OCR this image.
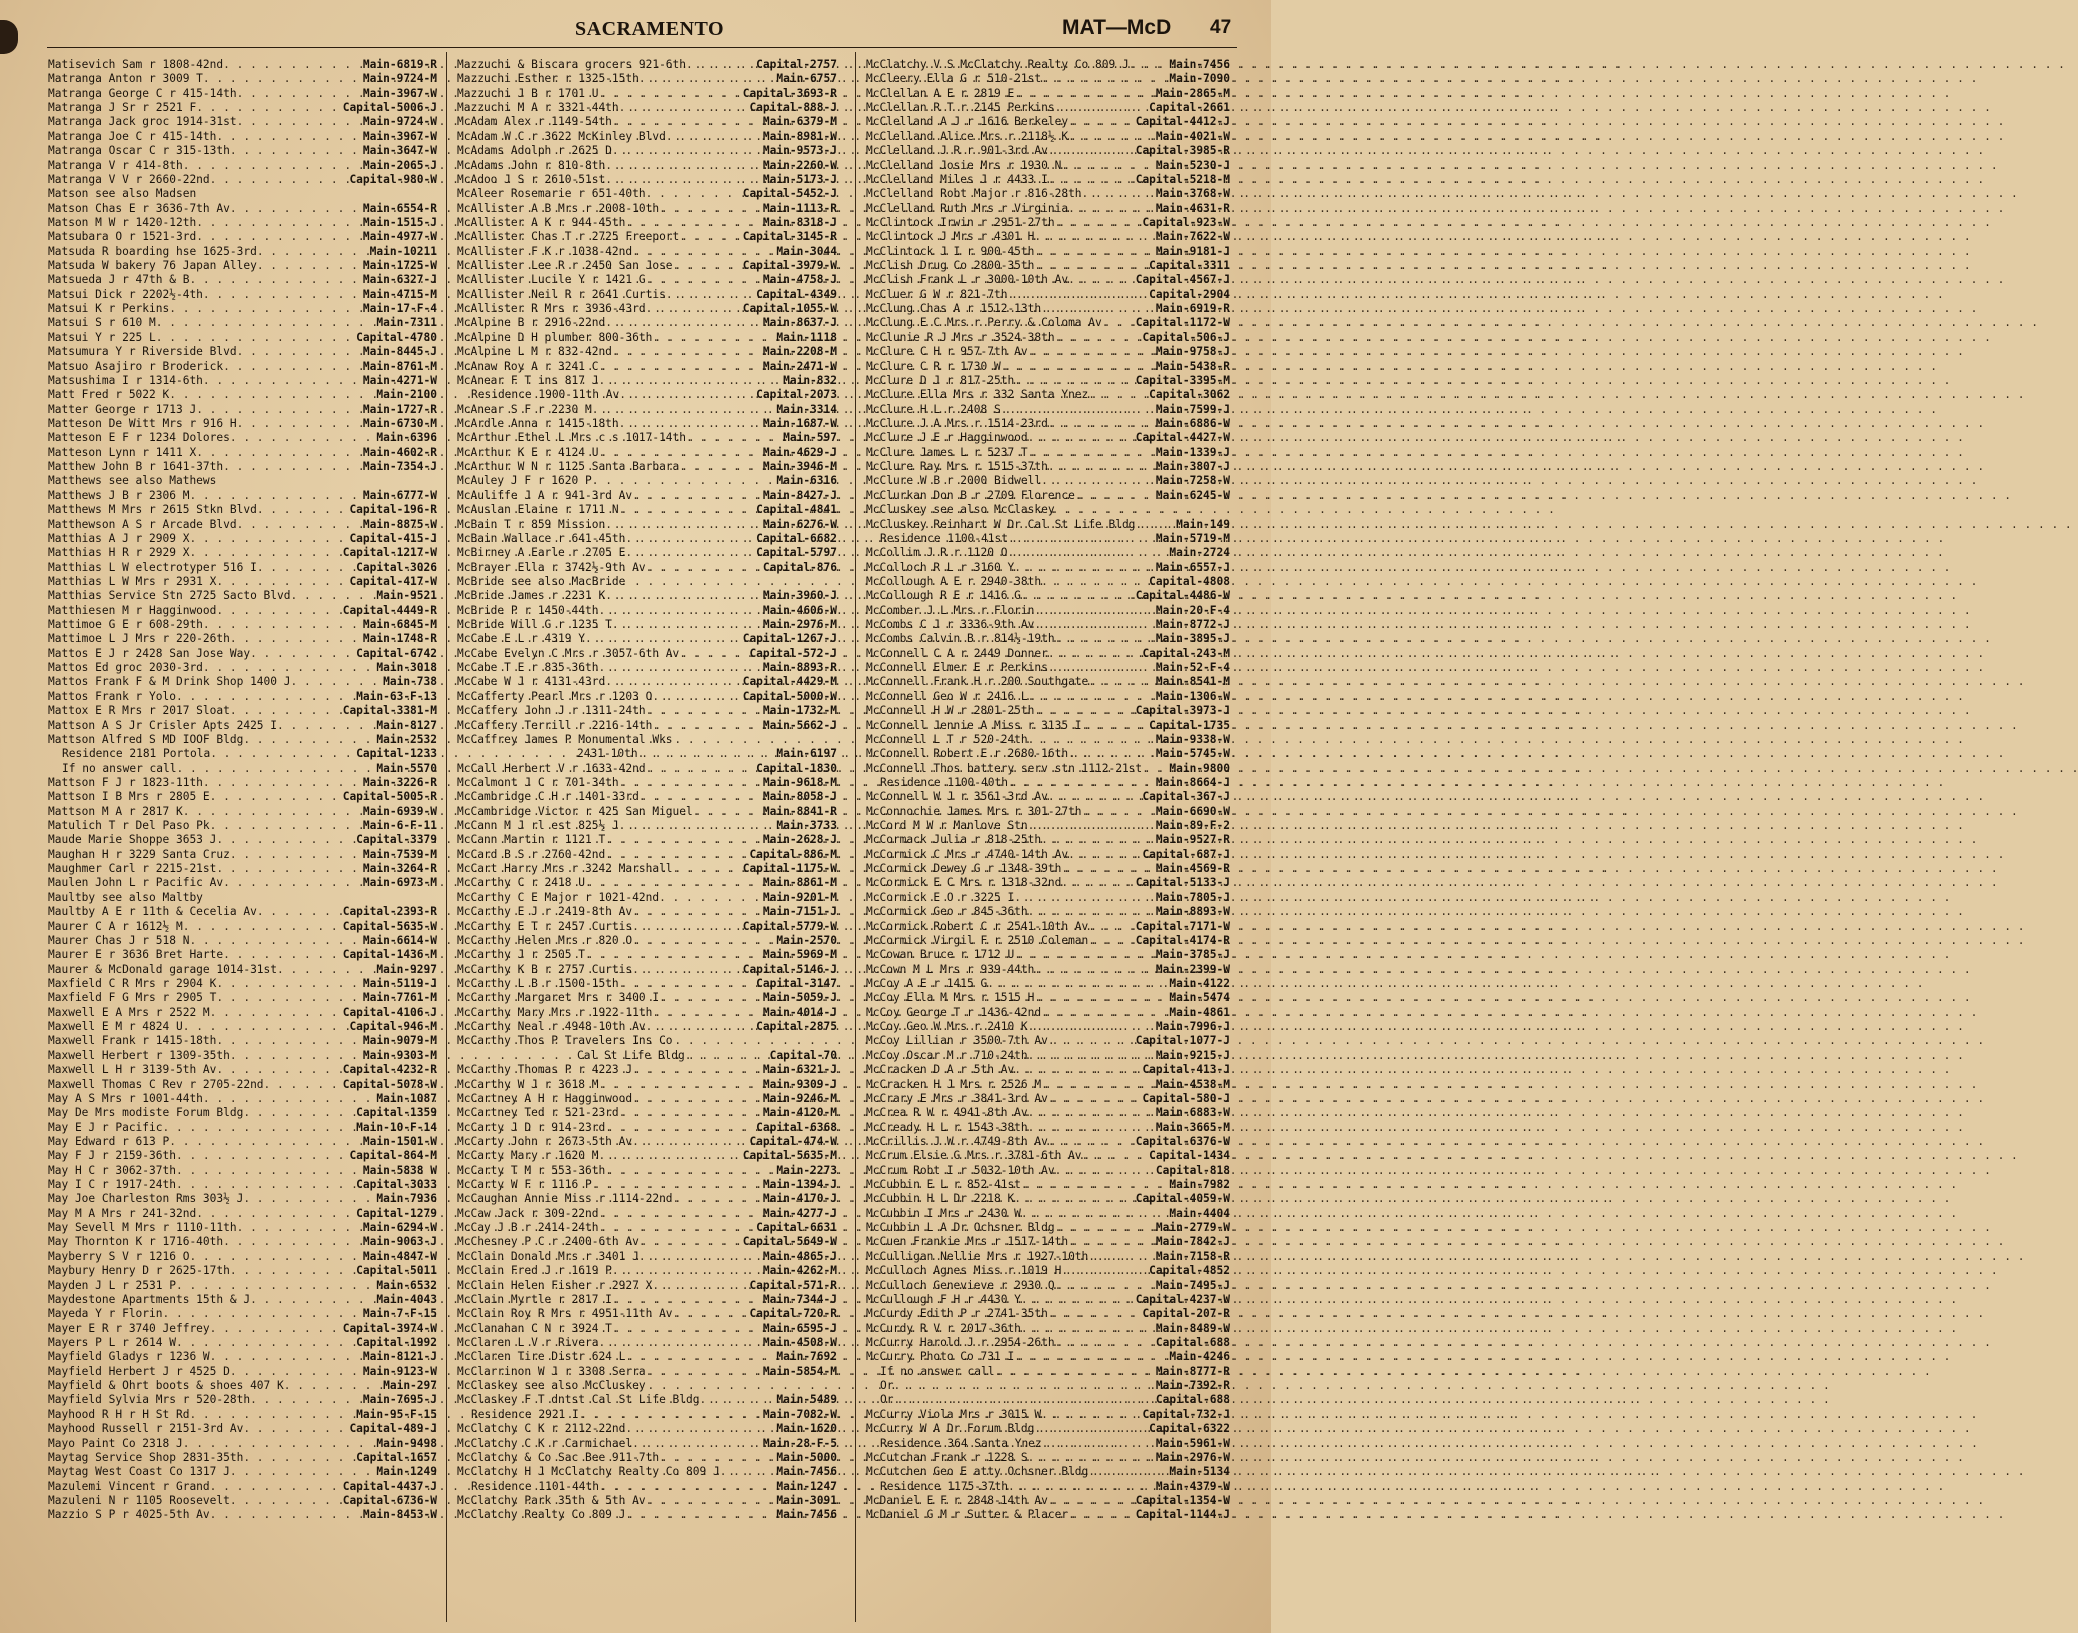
SACRAMENTO	MAT—McD 47
Matisevich Sam r 1808-42nd . . .	Main-6819-R
Matranga Anton r 3009 T . . .	Main-9724-M
Matranga George C r 415-14th . . .	Main-3967-W
Matranga J Sr r 2521 F . . .	Capital-5006-J
Matranga Jack groc 1914-31st . . .	Main-9724-W
Matranga Joe C r 415-14th . . .	Main-3967-W
Matranga Oscar C r 315-13th . . .	Main-3647-W
Matranga V r 414-8th . . .	Main-2065-J
Matranga V V r 2660-22nd . . .	Capital-980-W
Matson see also Madsen
Matson Chas E r 3636-7th Av . . .	Main-6554-R
Matson M W r 1420-12th . . .	Main-1515-J
Matsubara O r 1521-3rd . . .	Main-4977-W
Matsuda R boarding hse 1625-3rd . . .	Main-10211
Matsuda W bakery 76 Japan Alley . . .	Main-1725-W
Matsueda J r 47th & B . . .	Main-6327-J
Matsui Dick r 2202½-4th . . .	Main-4715-M
Matsui K r Perkins . . .	Main-17-F-4
Matsui S r 610 M . . .	Main-7311
Matsui Y r 225 L . . .	Capital-4780
Matsumura Y r Riverside Blvd . . .	Main-8445-J
Matsuo Asajiro r Broderick . . .	Main-8761-M
Matsushima I r 1314-6th . . .	Main-4271-W
Matt Fred r 5022 K . . .	Main-2100
Matter George r 1713 J . . .	Main-1727-R
Matteson De Witt Mrs r 916 H . . .	Main-6730-M
Matteson E F r 1234 Dolores . . .	Main-6396
Matteson Lynn r 1411 X . . .	Main-4602-R
Matthew John B r 1641-37th . . .	Main-7354-J
Matthews see also Mathews
Matthews J B r 2306 M . . .	Main-6777-W
Matthews M Mrs r 2615 Stkn Blvd . . .	Capital-196-R
Matthewson A S r Arcade Blvd . . .	Main-8875-W
Matthias A J r 2909 X . . .	Capital-415-J
Matthias H R r 2929 X . . .	Capital-1217-W
Matthias L W electrotyper 516 I . . .	Capital-3026
Matthias L W Mrs r 2931 X . . .	Capital-417-W
Matthias Service Stn 2725 Sacto Blvd . . .	Main-9521
Matthiesen M r Hagginwood . . .	Capital-4449-R
Mattimoe G E r 608-29th . . .	Main-6845-M
Mattimoe L J Mrs r 220-26th . . .	Main-1748-R
Mattos E J r 2428 San Jose Way . . .	Capital-6742
Mattos Ed groc 2030-3rd . . .	Main-3018
Mattos Frank F & M Drink Shop 1400 J . . .	Main-738
Mattos Frank r Yolo . . .	Main-63-F-13
Mattox E R Mrs r 2017 Sloat . . .	Capital-3381-M
Mattson A S Jr Crisler Apts 2425 I . . .	Main-8127
Mattson Alfred S MD IOOF Bldg . . .	Main-2532
Residence 2181 Portola . . .	Capital-1233
If no answer call . . .	Main-5570
Mattson F J r 1823-11th . . .	Main-3226-R
Mattson I B Mrs r 2805 E . . .	Capital-5005-R
Mattson M A r 2817 K . . .	Main-6939-W
Matulich T r Del Paso Pk . . .	Main-6-F-11
Maude Marie Shoppe 3653 J . . .	Capital-3379
Maughan H r 3229 Santa Cruz . . .	Main-7539-M
Maughmer Carl r 2215-21st . . .	Main-3264-R
Maulen John L r Pacific Av . . .	Main-6973-M
Maultby see also Maltby
Maultby A E r 11th & Cecelia Av . . .	Capital-2393-R
Maurer C A r 1612½ M . . .	Capital-5635-W
Maurer Chas J r 518 N . . .	Main-6614-W
Maurer E r 3636 Bret Harte . . .	Capital-1436-M
Maurer & McDonald garage 1014-31st . . .	Main-9297
Maxfield C R Mrs r 2904 K . . .	Main-5119-J
Maxfield F G Mrs r 2905 T . . .	Main-7761-M
Maxwell E A Mrs r 2522 M . . .	Capital-4106-J
Maxwell E M r 4824 U . . .	Capital-946-M
Maxwell Frank r 1415-18th . . .	Main-9079-M
Maxwell Herbert r 1309-35th . . .	Main-9303-M
Maxwell L H r 3139-5th Av . . .	Capital-4232-R
Maxwell Thomas C Rev r 2705-22nd . . .	Capital-5078-W
May A S Mrs r 1001-44th . . .	Main-1087
May De Mrs modiste Forum Bldg . . .	Capital-1359
May E J r Pacific . . .	Main-10-F-14
May Edward r 613 P . . .	Main-1501-W
May F J r 2159-36th . . .	Capital-864-M
May H C r 3062-37th . . .	Main-5838 W
May I C r 1917-24th . . .	Capital-3033
May Joe Charleston Rms 303½ J . . .	Main-7936
May M A Mrs r 241-32nd . . .	Capital-1279
May Sevell M Mrs r 1110-11th . . .	Main-6294-W
May Thornton K r 1716-40th . . .	Main-9063-J
Mayberry S V r 1216 O . . .	Main-4847-W
Maybury Henry D r 2625-17th . . .	Capital-5011
Mayden J L r 2531 P . . .	Main-6532
Maydestone Apartments 15th & J . . .	Main-4043
Mayeda Y r Florin . . .	Main-7-F-15
Mayer E R r 3740 Jeffrey . . .	Capital-3974-W
Mayers P L r 2614 W . . .	Capital-1992
Mayfield Gladys r 1236 W . . .	Main-8121-J
Mayfield Herbert J r 4525 D . . .	Main-9123-W
Mayfield & Ohrt boots & shoes 407 K . . .	Main-297
Mayfield Sylvia Mrs r 520-28th . . .	Main-7695-J
Mayhood R H r H St Rd . . .	Main-95-F-15
Mayhood Russell r 2151-3rd Av . . .	Capital-489-J
Mayo Paint Co 2318 J . . .	Main-9498
Maytag Service Shop 2831-35th . . .	Capital-1657
Maytag West Coast Co 1317 J . . .	Main-1249
Mazulemi Vincent r Grand . . .	Capital-4437-J
Mazuleni N r 1105 Roosevelt . . .	Capital-6736-W
Mazzio S P r 4025-5th Av . . .	Main-8453-W
Mazzuchi & Biscara grocers 921-6th . . .	Capital-2757
Mazzuchi Esther r 1325-15th . . .	Main-6757
Mazzuchi J B r 1701 U . . .	Capital-3693-R
Mazzuchi M A r 3321-44th . . .	Capital-888-J
McAdam Alex r 1149-54th . . .	Main-6379-M
McAdam W C r 3622 McKinley Blvd . . .	Main-8981-W
McAdams Adolph r 2625 D . . .	Main-9573-J
McAdams John r 810-8th . . .	Main-2260-W
McAdoo J S r 2610-51st . . .	Main-5173-J
McAleer Rosemarie r 651-40th . . .	Capital-5452-J
McAllister A B Mrs r 2008-10th . . .	Main-1113-R
McAllister A K r 944-45th . . .	Main-8318-J
McAllister Chas T r 2725 Freeport . . .	Capital-3145-R
McAllister F K r 1038-42nd . . .	Main-3044
McAllister Lee R r 2450 San Jose . . .	Capital-3979-W
McAllister Lucile Y r 1421 G . . .	Main-4758-J
McAllister Neil R r 2641 Curtis . . .	Capital-4349
McAllister R Mrs r 3936-43rd . . .	Capital-1055-W
McAlpine B r 2916-22nd . . .	Main-8637-J
McAlpine D H plumber 800-36th . . .	Main-1118
McAlpine L M r 832-42nd . . .	Main-2208-M
McAnaw Roy A r 3241 C . . .	Main-2471-W
McAnear F T ins 817 J . . .	Main-832
Residence 1900-11th Av . . .	Capital-2073
McAnear S F r 2230 M . . .	Main-3314
McArdle Anna r 1415-18th . . .	Main-1687-W
McArthur Ethel L Mrs c s 1017-14th . . .	Main-597
McArthur K E r 4124 U . . .	Main-4629-J
McArthur W N r 1125 Santa Barbara . . .	Main-3946-M
McAuley J F r 1620 P . . .	Main-6316
McAuliffe J A r 941-3rd Av . . .	Main-8427-J
McAuslan Elaine r 1711 N . . .	Capital-4841
McBain T r 859 Mission . . .	Main-6276-W
McBain Wallace r 641-45th . . .	Capital-6682
McBirney A Earle r 2705 E . . .	Capital-5797
McBrayer Ella r 3742½-9th Av . . .	Capital-876
McBride see also MacBride
McBride James r 2231 K . . .	Main-3960-J
McBride P r 1450-44th . . .	Main-4606-W
McBride Will G r 1235 T . . .	Main-2976-M
McCabe E L r 4319 Y . . .	Capital-1267-J
McCabe Evelyn C Mrs r 3057-6th Av . . .	Capital-572-J
McCabe T E r 835-36th . . .	Main-8893-R
McCabe W J r 4131-43rd . . .	Capital-4429-M
McCafferty Pearl Mrs r 1203 O . . .	Capital-5000-W
McCaffery John J r 1311-24th . . .	Main-1732-M
McCaffery Terrill r 2216-14th . . .	Main-5662-J
McCaffrey James P Monumental Wks
2431-10th . . .	Main-6197
McCall Herbert V r 1633-42nd . . .	Capital-1830
McCalmont J C r 701-34th . . .	Main-9618-M
McCambridge C H r 1401-33rd . . .	Main-8058-J
McCambridge Victor r 425 San Miguel . . .	Main-8841-R
McCann M J rl est 825½ J . . .	Main-3733
McCann Martin r 1121 T . . .	Main-2628-J
McCard B S r 2760-42nd . . .	Capital-886-M
McCart Harry Mrs r 3242 Marshall . . .	Capital-1175-W
McCarthy C r 2418 U . . .	Main-8861-M
McCarthy C E Major r 1021-42nd . . .	Main-9201-M
McCarthy E J r 2419-8th Av . . .	Main-7151-J
McCarthy E T r 2457 Curtis . . .	Capital-5779-W
McCarthy Helen Mrs r 820 O . . .	Main-2570
McCarthy J r 2505 T . . .	Main-5969-M
McCarthy K B r 2757 Curtis . . .	Capital-5146-J
McCarthy L B r 1500-15th . . .	Capital-3147
McCarthy Margaret Mrs r 3400 I . . .	Main-5059-J
McCarthy Mary Mrs r 1922-11th . . .	Main-4014-J
McCarthy Neal r 4948-10th Av . . .	Capital-2875
McCarthy Thos P Travelers Ins Co
Cal St Life Bldg . . .	Capital-70
McCarthy Thomas P r 4223 J . . .	Main-6321-J
McCarthy W J r 3618 M . . .	Main-9309-J
McCartney A H r Hagginwood . . .	Main-9246-M
McCartney Ted r 521-23rd . . .	Main-4120-M
McCarty J D r 914-23rd . . .	Capital-6368
McCarty John r 2673-5th Av . . .	Capital-474-W
McCarty Mary r 1620 M . . .	Capital-5635-M
McCarty T M r 553-36th . . .	Main-2273
McCarty W F r 1116 P . . .	Main-1394-J
McCaughan Annie Miss r 1114-22nd . . .	Main-4170-J
McCaw Jack r 309-22nd . . .	Main-4277-J
McCay J B r 2414-24th . . .	Capital-6631
McChesney P C r 2400-6th Av . . .	Capital-5649-W
McClain Donald Mrs r 3401 J . . .	Main-4865-J
McClain Fred J r 1619 P . . .	Main-4262-M
McClain Helen Fisher r 2927 X . . .	Capital-571-R
McClain Myrtle r 2817 I . . .	Main-7344-J
McClain Roy R Mrs r 4951-11th Av . . .	Capital-720-R
McClanahan C N r 3924 T . . .	Main-6595-J
McClaren L V r Rivera . . .	Main-4508-W
McClaren Tire Distr 624 L . . .	Main-7692
McClarrinon W J r 3308 Serra . . .	Main-5854-M
McClaskey see also McCluskey
McClaskey F T dntst Cal St Life Bldg . . .	Main-5489
Residence 2921 I . . .	Main-7082-W
McClatchy C K r 2112-22nd . . .	Main-1620
McClatchy C K r Carmichael . . .	Main-28-F-5
McClatchy & Co Sac Bee 911-7th . . .	Main-5000
McClatchy H J McClatchy Realty Co 809 J . . .	Main-7456
Residence 1101-44th . . .	Main-1247
McClatchy Park 35th & 5th Av . . .	Main-3091
McClatchy Realty Co 809 J . . .	Main-7456
McClatchy V S McClatchy Realty Co 809 J . . .	Main-7456
McCleery Ella G r 510-21st . . .	Main-7090
McClellan A E r 2819 E . . .	Main-2865-M
McClellan R T r 2145 Perkins . . .	Capital-2661
McClelland A J r 1616 Berkeley . . .	Capital-4412-J
McClelland Alice Mrs r 2118½ K . . .	Main-4021-W
McClelland J R r 901-3rd Av . . .	Capital-3985-R
McClelland Josie Mrs r 1930 N . . .	Main-5230-J
McClelland Miles J r 4433 I . . .	Capital-5218-M
McClelland Robt Major r 816-28th . . .	Main-3768-W
McClelland Ruth Mrs r Virginia . . .	Main-4631-R
McClintock Irwin r 2951-27th . . .	Capital-923-W
McClintock J Mrs r 4301 H . . .	Main-7622-W
McClintock J I r 900-45th . . .	Main-9181-J
McClish Drug Co 2800-35th . . .	Capital-3311
McClish Frank L r 3000-10th Av . . .	Capital-4567-J
McCluer G W r 821-7th . . .	Capital-2904
McClung Chas A r 1512-13th . . .	Main-6919-R
McClung E C Mrs r Perry & Coloma Av . . .	Capital-1172-W
McClunie R J Mrs r 3524-38th . . .	Capital-506-J
McClure C H r 957-7th Av . . .	Main-9758-J
McClure C R r 1730 W . . .	Main-5438-R
McClure D J r 817-25th . . .	Capital-3395-M
McClure Ella Mrs r 332 Santa Ynez . . .	Capital-3062
McClure H L r 2408 S . . .	Main-7599-J
McClure J A Mrs r 1514-23rd . . .	Main-6886-W
McClure J E r Hagginwood . . .	Capital-4427-W
McClure James L r 5237 T . . .	Main-1339-J
McClure Ray Mrs r 1515-37th . . .	Main-3807-J
McClure W B r 2000 Bidwell . . .	Main-7258-W
McClurkan Don B r 2709 Florence . . .	Main-6245-W
McCluskey see also McClaskey
McCluskey Reinhart W Dr Cal St Life Bldg . . .	Main-149
Residence 1100-41st . . .	Main-5719-M
McCollim J R r 1120 O . . .	Main-2724
McColloch R L r 3160 Y . . .	Main-6557-J
McCollough A E r 2940-38th . . .	Capital-4808
McCollough R E r 1416 G . . .	Capital-4486-W
McComber J L Mrs r Florin . . .	Main-20-F-4
McCombs C J r 3336-9th Av . . .	Main-8772-J
McCombs Calvin B r 814½-19th . . .	Main-3895-J
McConnell C A r 2449 Donner . . .	Capital-243-M
McConnell Elmer E r Perkins . . .	Main-52-F-4
McConnell Frank H r 200 Southgate . . .	Main-8541-M
McConnell Geo W r 2416 L . . .	Main-1306-W
McConnell H W r 2801-25th . . .	Capital-3973-J
McConnell Jennie A Miss r 3135 I . . .	Capital-1735
McConnell L T r 520-24th . . .	Main-9338-W
McConnell Robert E r 2680-16th . . .	Main-5745-W
McConnell Thos battery serv stn 1112-21st . . . Main-9800
Residence 1100-40th . . .	Main-8664-J
McConnell W J r 3561-3rd Av . . .	Capital-367-J
McConnochie James Mrs r 301-27th . . .	Main-6690-W
McCord M W r Manlove Stn . . .	Main-89-F-2
McCormack Julia r 818-25th . . .	Main-9527-R
McCormick C Mrs r 4740-14th Av . . .	Capital-687-J
McCormick Dewey G r 1348-39th . . .	Main-4569-R
McCormick E C Mrs r 1318-32nd . . .	Capital-5133-J
McCormick E O r 3225 I . . .	Main-7805-J
McCormick Geo r 845-36th . . .	Main-8893-W
McCormick Robert C r 2541-10th Av . . .	Capital-7171-W
McCormick Virgil F r 2510 Coleman . . .	Capital-4174-R
McCowan Bruce r 1712 U . . .	Main-3785-J
McCown M L Mrs r 939-44th . . .	Main-2399-W
McCoy A E r 1415 G . . .	Main-4122
McCoy Ella M Mrs r 1515 H . . .	Main-5474
McCoy George T r 1436-42nd . . .	Main-4861
McCoy Geo W Mrs r 2410 K . . .	Main-7996-J
McCoy Lillian r 3500-7th Av . . .	Capital-1077-J
McCoy Oscar M r 710-24th . . .	Main-9215-J
McCracken D A r 5th Av . . .	Capital-413-J
McCracken H J Mrs r 2526 M . . .	Main-4538-M
McCrary E Mrs r 3841-3rd Av . . .	Capital-580-J
McCrea R W r 4941-8th Av . . .	Main-6883-W
McCready H L r 1543-38th . . .	Main-3665-M
McCrillis J W r 4749-8th Av . . .	Capital-6376-W
McCrum Elsie G Mrs r 3781-6th Av . . .	Capital-1434
McCrum Robt I r 5032-10th Av . . .	Capital-818
McCubbin E L r 852-41st . . .	Main-7982
McCubbin H L Dr 2218 K . . .	Capital-4059-W
McCubbin I Mrs r 2430 W . . .	Main-4404
McCubbin L A Dr Ochsner Bldg . . .	Main-2779-W
McCuen Frankie Mrs r 1517-14th . . .	Main-7842-J
McCulligan Nellie Mrs r 1927-10th . . .	Main-7158-R
McCulloch Agnes Miss r 1019 H . . .	Capital-4852
McCulloch Genevieve r 2930 Q . . .	Main-7495-J
McCullough F H r 4430 Y . . .	Capital-4237-W
McCurdy Edith P r 2741-35th . . .	Capital-207-R
McCurdy R V r 2017-36th . . .	Main-8489-W
McCurry Harold J r 2954-26th . . .	Capital-688
McCurry Photo Co 731 I . . .	Main-4246
If no answer call . . .	Main-8777-R
Or . . .	Main-7392-R
Or . . .	Capital-688
McCurry Viola Mrs r 3015 W . . .	Capital-732-J
McCurry W A Dr Forum Bldg . . .	Capital-6322
Residence 364 Santa Ynez . . .	Main-5961-W
McCutchan Frank r 1228 S . . .	Main-2976-W
McCutchen Geo E atty Ochsner Bldg . . .	Main-5134
Residence 1175-37th . . .	Main-4379-W
McDaniel E F r 2848-14th Av . . .	Capital-1354-W
McDaniel G M r Sutter & Placer . . .	Capital-1144-J
